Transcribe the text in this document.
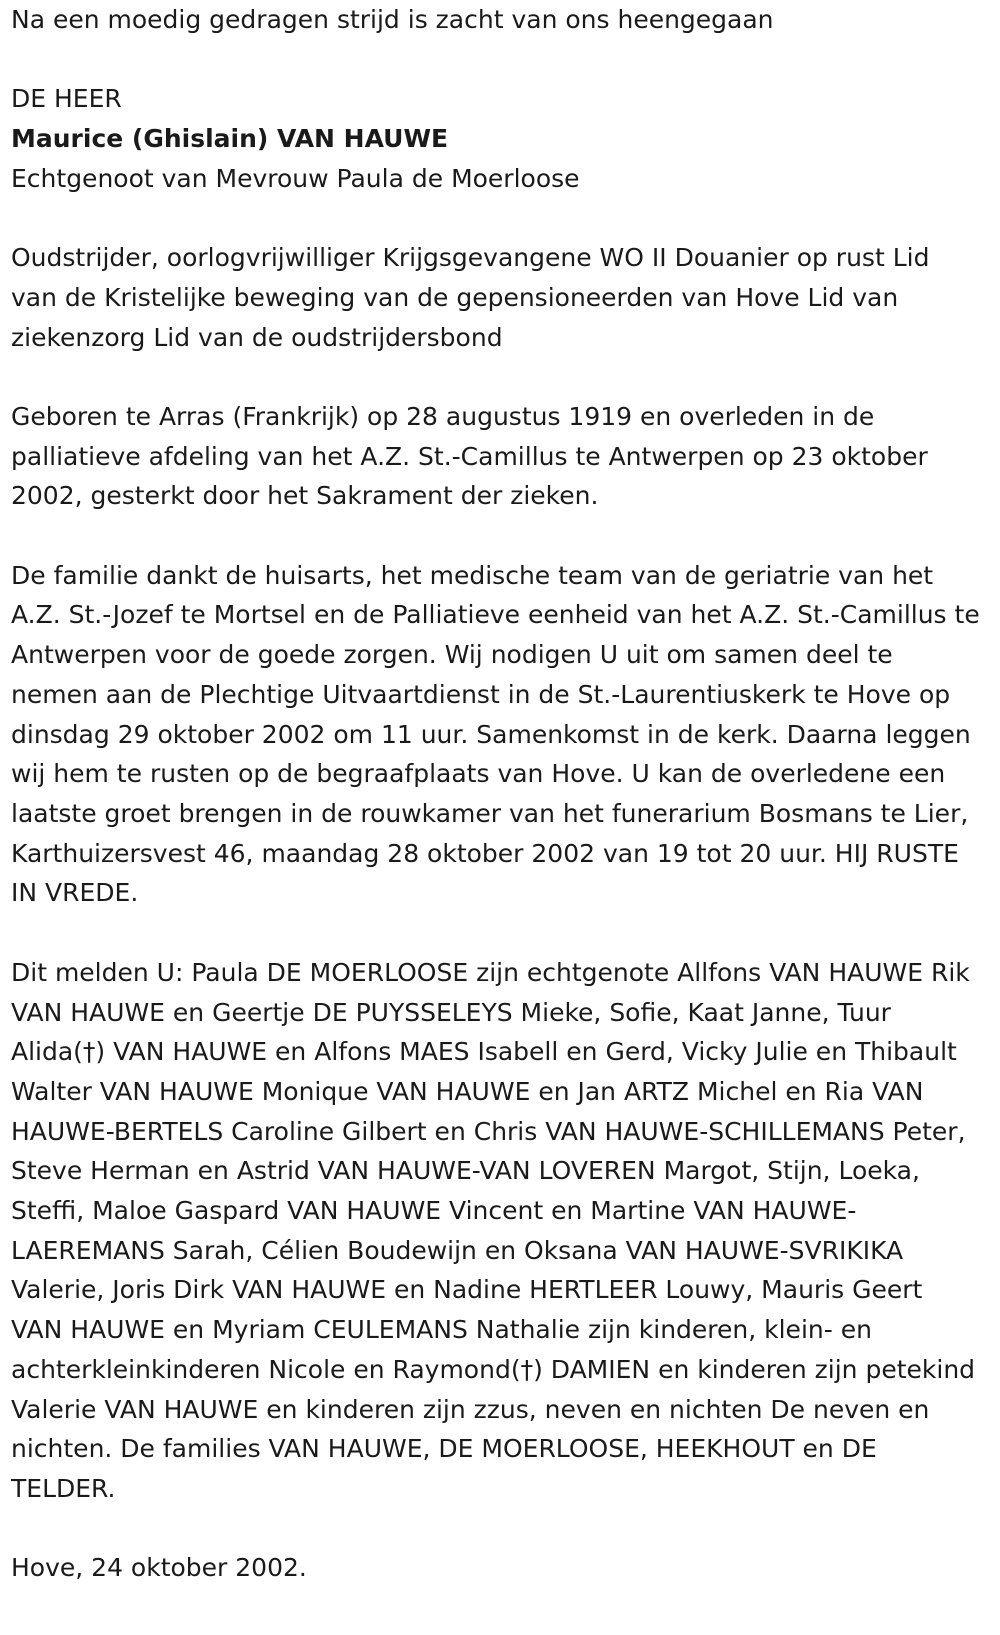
Na een moedig gedragen strijd is zacht van ons heengegaan

DE HEER

Maurice (Ghislain) VAN HAUWE

Echtgenoot van Mevrouw Paula de Moerloose

Oudstrijder, oorlogvrijwilliger Krijgsgevangene WO II Douanier op rust Lid van de Kristelijke beweging van de gepensioneerden van Hove Lid van ziekenzorg Lid van de oudstrijdersbond

Geboren te Arras (Frankrijk) op 28 augustus 1919 en overleden in de palliatieve afdeling van het A.Z. St.-Camillus te Antwerpen op 23 oktober 2002, gesterkt door het Sakrament der zieken.

De familie dankt de huisarts, het medische team van de geriatrie van het A.Z. St.-Jozef te Mortsel en de Palliatieve eenheid van het A.Z. St.-Camillus te Antwerpen voor de goede zorgen. Wij nodigen U uit om samen deel te nemen aan de Plechtige Uitvaartdienst in de St.-Laurentiuskerk te Hove op dinsdag 29 oktober 2002 om 11 uur. Samenkomst in de kerk. Daarna leggen wij hem te rusten op de begraafplaats van Hove. U kan de overledene een laatste groet brengen in de rouwkamer van het funerarium Bosmans te Lier, Karthuizersvest 46, maandag 28 oktober 2002 van 19 tot 20 uur. HIJ RUSTE IN VREDE.

Dit melden U: Paula DE MOERLOOSE zijn echtgenote Allfons VAN HAUWE Rik VAN HAUWE en Geertje DE PUYSSELEYS Mieke, Sofie, Kaat Janne, Tuur Alida(†) VAN HAUWE en Alfons MAES Isabell en Gerd, Vicky Julie en Thibault Walter VAN HAUWE Monique VAN HAUWE en Jan ARTZ Michel en Ria VAN HAUWE-BERTELS Caroline Gilbert en Chris VAN HAUWE-SCHILLEMANS Peter, Steve Herman en Astrid VAN HAUWE-VAN LOVEREN Margot, Stijn, Loeka, Steffi, Maloe Gaspard VAN HAUWE Vincent en Martine VAN HAUWE-LAEREMANS Sarah, Célien Boudewijn en Oksana VAN HAUWE-SVRIKIKA Valerie, Joris Dirk VAN HAUWE en Nadine HERTLEER Louwy, Mauris Geert VAN HAUWE en Myriam CEULEMANS Nathalie zijn kinderen, klein- en achterkleinkinderen Nicole en Raymond(†) DAMIEN en kinderen zijn petekind Valerie VAN HAUWE en kinderen zijn zzus, neven en nichten De neven en nichten. De families VAN HAUWE, DE MOERLOOSE, HEEKHOUT en DE TELDER.

Hove, 24 oktober 2002.
